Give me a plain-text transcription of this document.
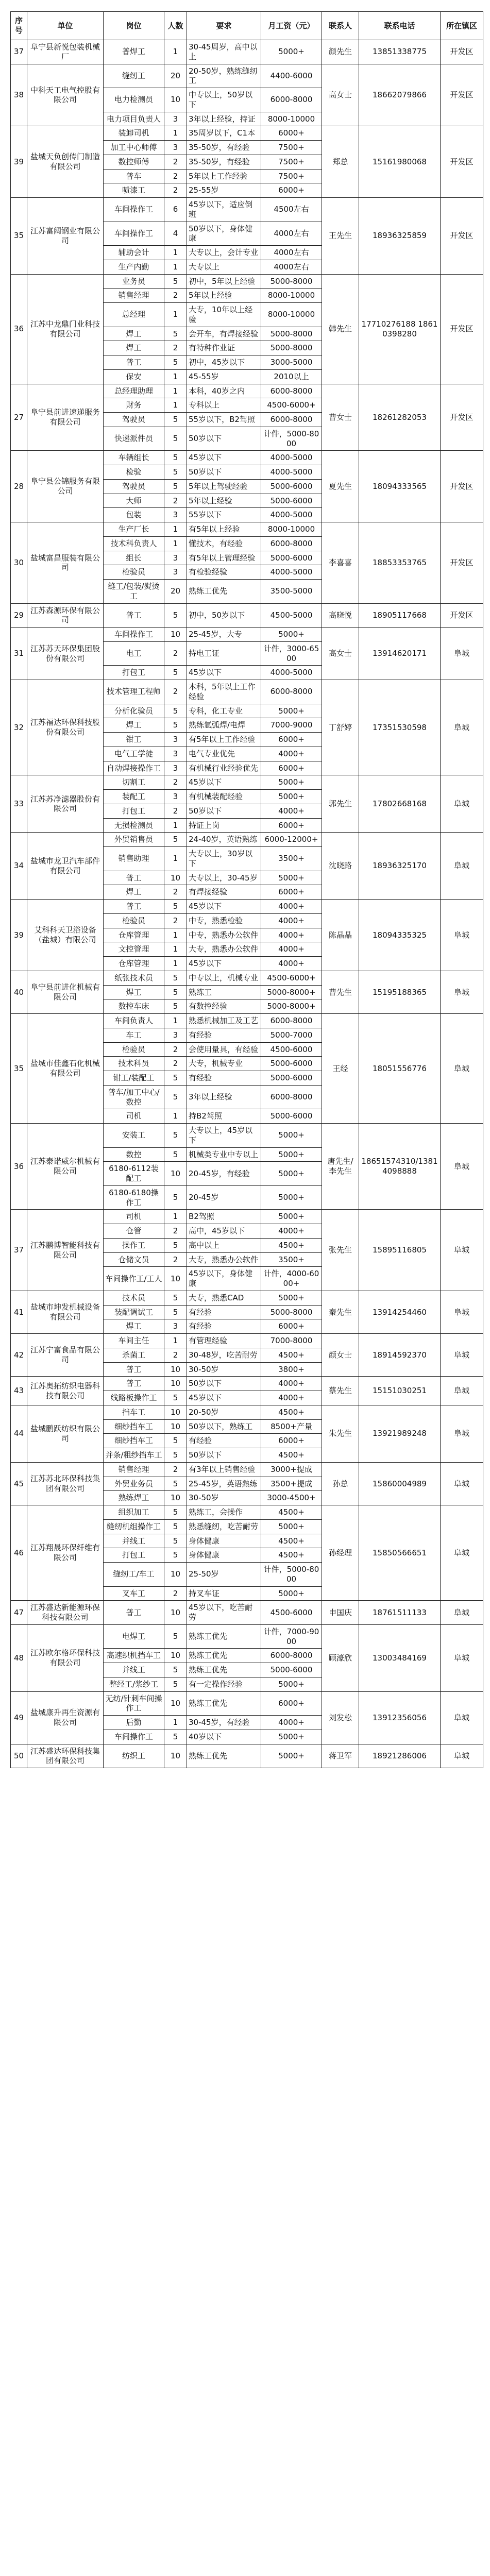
序号	单位	岗位	人数	要求	月工资（元）	联系人	联系电话	所在镇区
37	阜宁县新悦包装机械厂	普焊工	1	30-45周岁，高中以上	5000+	颜先生	13851338775	开发区
38	中科天工电气控股有限公司	缝纫工	20	20-50岁，熟练缝纫工	4400-6000	高女士	18662079866	开发区
		电力检测员	10	中专以上，50岁以下	6000-8000			
		电力项目负责人	3	3年以上经验，持证	8000-10000			
39	盐城天负创传门制造有限公司	装卸司机	1	35周岁以下，C1本	6000+	郑总	15161980068	开发区
		加工中心师傅	3	35-50岁，有经验	7500+			
		数控师傅	2	35-50岁，有经验	7500+			
		普车	2	5年以上工作经验	7500+			
		喷漆工	2	25-55岁	6000+			
35	江苏富阔钢业有限公司	车间操作工	6	45岁以下，适应倒班	4500左右	王先生	18936325859	开发区
		车间操作工	4	50岁以下，身体健康	4000左右			
		辅助会计	1	大专以上，会计专业	4000左右			
		生产内勤	1	大专以上	4000左右			
36	江苏中龙鼎门业科技有限公司	业务员	5	初中，5年以上经验	5000-8000	韩先生	17710276188 18610398280	开发区
		销售经理	2	5年以上经验	8000-10000			
		总经理	1	大专，10年以上经验	8000-10000			
		焊工	5	会开车，有焊接经验	5000-8000			
		焊工	2	有特种作业证	5000-8000			
		普工	5	初中，45岁以下	3000-5000			
		保安	1	45-55岁	2010以上			
27	阜宁县前进速递服务有限公司	总经理助理	1	本科，40岁之内	6000-8000	曹女士	18261282053	开发区
		财务	1	专科以上	4500-6000+			
		驾驶员	5	55岁以下，B2驾照	6000-8000			
		快递派件员	5	50岁以下	计件，5000-8000			
28	阜宁县公锦服务有限公司	车辆组长	5	45岁以下	4000-5000	夏先生	18094333565	开发区
		检验	5	50岁以下	4000-5000			
		驾驶员	5	5年以上驾驶经验	5000-6000			
		大师	2	5年以上经验	5000-6000			
		包装	3	55岁以下	4000-5000			
30	盐城富昌服装有限公司	生产厂长	1	有5年以上经验	8000-10000	李喜喜	18853353765	开发区
		技术科负责人	1	懂技术，有经验	6000-8000			
		组长	3	有5年以上管理经验	5000-6000			
		检验员	3	有检验经验	4000-5000			
		缝工/包装/熨烫工	20	熟练工优先	3500-5000			
29	江苏森源环保有限公司	普工	5	初中，50岁以下	4500-5000	高晓悦	18905117668	开发区
31	江苏苏天环保集团股份有限公司	车间操作工	10	25-45岁，大专	5000+	高女士	13914620171	阜城
		电工	2	持电工证	计件，3000-6500			
		打包工	5	45岁以下	4000-5000			
32	江苏福达环保科技股份有限公司	技术管理工程师	2	本科，5年以上工作经验	6000-8000	丁舒婷	17351530598	阜城
		分析化验员	5	专科，化工专业	5000+			
		焊工	5	熟练氩弧焊/电焊	7000-9000			
		钳工	3	有5年以上工作经验	6000+			
		电气工学徒	3	电气专业优先	4000+			
		自动焊接操作工	3	有机械行业经验优先	6000+			
33	江苏苏净滤器股份有限公司	切割工	2	45岁以下	5000+	郭先生	17802668168	阜城
		装配工	3	有机械装配经验	5000+			
		打包工	2	50岁以下	4000+			
		无损检测员	1	持证上岗	6000+			
34	盐城市龙卫汽车部件有限公司	外贸销售员	5	24-40岁，英语熟练	6000-12000+	沈晓路	18936325170	阜城
		销售助理	1	大专以上，30岁以下	3500+			
		普工	10	大专以上，30-45岁	5000+			
		焊工	2	有焊接经验	6000+			
39	艾科科天卫浴设备（盐城）有限公司	普工	5	45岁以下	4000+	陈晶晶	18094335325	阜城
		检验员	2	中专，熟悉检验	4000+			
		仓库管理	1	中专，熟悉办公软件	4000+			
		文控管理	1	大专，熟悉办公软件	4000+			
		仓库管理	1	45岁以下	4000+			
40	阜宁县前进化机械有限公司	纸张技术员	5	中专以上，机械专业	4500-6000+	曹先生	15195188365	阜城
		焊工	5	熟练工	5000-8000+			
		数控车床	5	有数控经验	5000-8000+			
35	盐城市佳鑫石化机械有限公司	车间负责人	1	熟悉机械加工及工艺	6000-8000	王经	18051556776	阜城
		车工	3	有经验	5000-7000			
		检验员	2	会使用量具，有经验	4500-6000			
		技术科员	2	大专，机械专业	5000-6000			
		钳工/装配工	5	有经验	5000-6000			
		普车/加工中心/数控	5	3年以上经验	6000-8000			
		司机	1	持B2驾照	5000-6000			
36	江苏泰诺威尔机械有限公司	安装工	5	大专以上，45岁以下	5000+	唐先生/李先生	18651574310/13814098888	阜城
		数控	5	机械类专业中专以上	5000+			
		6180-6112装配工	10	20-45岁，有经验	5000+			
		6180-6180操作工	5	20-45岁	5000+			
37	江苏鹏博智能科技有限公司	司机	1	B2驾照	5000+	张先生	15895116805	阜城
		仓管	2	高中，45岁以下	4000+			
		操作工	5	高中以上	4500+			
		仓储文员	2	大专，熟悉办公软件	3500+			
		车间操作工/工人	10	45岁以下，身体健康	计件，4000-6000+			
41	盐城市坤发机械设备有限公司	技术员	5	大专，熟悉CAD	5000+	秦先生	13914254460	阜城
		装配调试工	5	有经验	5000-8000			
		焊工	3	有经验	6000+			
42	江苏宁富食品有限公司	车间主任	1	有管理经验	7000-8000	颜女士	18914592370	阜城
		杀菌工	2	30-48岁，吃苦耐劳	4500+			
		普工	10	30-50岁	3800+			
43	江苏奥拓纺织电器科技有限公司	普工	10	50岁以下	4000+	蔡先生	15151030251	阜城
		线路板操作工	5	45岁以下	4000+			
44	盐城鹏跃纺织有限公司	挡车工	10	20-50岁	4500+	朱先生	13921989248	阜城
		细纱挡车工	10	50岁以下，熟练工	8500+产量			
		细纱挡车工	5	有经验	6000+			
		并条/粗纱挡车工	5	50岁以下	4500+			
45	江苏苏北环保科技集团有限公司	销售经理	2	有3年以上销售经验	3000+提成	孙总	15860004989	阜城
		外贸业务员	5	25-45岁，英语熟练	3500+提成			
		熟练焊工	10	30-50岁	3000-4500+			
46	江苏翔晟环保纤维有限公司	组织加工	5	熟练工，会操作	4500+	孙经理	15850566651	阜城
		缝纫机组操作工	5	熟悉缝纫，吃苦耐劳	5000+			
		并线工	5	身体健康	4500+			
		打包工	5	身体健康	4500+			
		缝纫工/车工	10	25-50岁	计件，5000-8000			
		叉车工	2	持叉车证	5000+			
47	江苏盛达新能源环保科技有限公司	普工	10	45岁以下，吃苦耐劳	4500-6000	申国庆	18761511133	阜城
48	江苏欧尔格环保科技有限公司	电焊工	5	熟练工优先	计件，7000-9000	顾濠欣	13003484169	阜城
		高速织机挡车工	10	熟练工优先	6000-8000			
		并线工	5	熟练工优先	5000-6000			
		整经工/浆纱工	5	有一定操作经验	5000+			
49	盐城康升再生资源有限公司	无纺/针刺车间操作工	10	熟练工优先	6000+	刘发松	13912356056	阜城
		后勤	1	30-45岁，有经验	4000+			
		车间操作工	5	40岁以下	5000+			
50	江苏盛达环保科技集团有限公司	纺织工	10	熟练工优先	5000+	蒋卫军	18921286006	阜城
